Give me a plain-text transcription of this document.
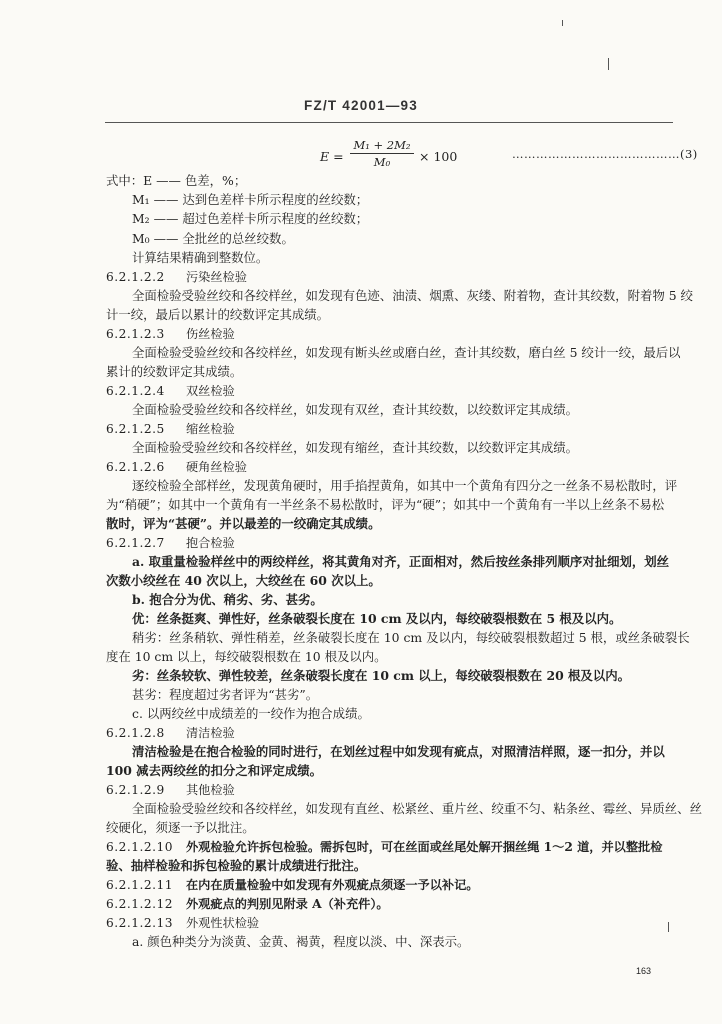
FZ/T 42001—93
E =
M₁ + 2M₂
M₀	× 100	……………………………………(3)
式中：E —— 色差，%；
M₁ —— 达到色差样卡所示程度的丝绞数；
M₂ —— 超过色差样卡所示程度的丝绞数；
M₀ —— 全批丝的总丝绞数。
计算结果精确到整数位。
6.2.1.2.2 污染丝检验
全面检验受验丝绞和各绞样丝，如发现有色迹、油渍、烟熏、灰缕、附着物，查计其绞数，附着物 5 绞
计一绞，最后以累计的绞数评定其成绩。
6.2.1.2.3 伤丝检验
全面检验受验丝绞和各绞样丝，如发现有断头丝或磨白丝，查计其绞数，磨白丝 5 绞计一绞，最后以
累计的绞数评定其成绩。
6.2.1.2.4 双丝检验
全面检验受验丝绞和各绞样丝，如发现有双丝，查计其绞数，以绞数评定其成绩。
6.2.1.2.5 缩丝检验
全面检验受验丝绞和各绞样丝，如发现有缩丝，查计其绞数，以绞数评定其成绩。
6.2.1.2.6 硬角丝检验
逐绞检验全部样丝，发现黄角硬时，用手掐捏黄角，如其中一个黄角有四分之一丝条不易松散时，评
为“稍硬”；如其中一个黄角有一半丝条不易松散时，评为“硬”；如其中一个黄角有一半以上丝条不易松
散时，评为“甚硬”。并以最差的一绞确定其成绩。
6.2.1.2.7 抱合检验
a. 取重量检验样丝中的两绞样丝，将其黄角对齐，正面相对，然后按丝条排列顺序对扯细划，划丝
次数小绞丝在 40 次以上，大绞丝在 60 次以上。
b. 抱合分为优、稍劣、劣、甚劣。
优：丝条挺爽、弹性好，丝条破裂长度在 10 cm 及以内，每绞破裂根数在 5 根及以内。
稍劣：丝条稍软、弹性稍差，丝条破裂长度在 10 cm 及以内，每绞破裂根数超过 5 根，或丝条破裂长
度在 10 cm 以上，每绞破裂根数在 10 根及以内。
劣：丝条较软、弹性较差，丝条破裂长度在 10 cm 以上，每绞破裂根数在 20 根及以内。
甚劣：程度超过劣者评为“甚劣”。
c. 以两绞丝中成绩差的一绞作为抱合成绩。
6.2.1.2.8 清洁检验
清洁检验是在抱合检验的同时进行，在划丝过程中如发现有疵点，对照清洁样照，逐一扣分，并以
100 减去两绞丝的扣分之和评定成绩。
6.2.1.2.9 其他检验
全面检验受验丝绞和各绞样丝，如发现有直丝、松紧丝、重片丝、绞重不匀、粘条丝、霉丝、异质丝、丝
绞硬化，须逐一予以批注。
6.2.1.2.10 外观检验允许拆包检验。需拆包时，可在丝面或丝尾处解开捆丝绳 1～2 道，并以整批检
验、抽样检验和拆包检验的累计成绩进行批注。
6.2.1.2.11 在内在质量检验中如发现有外观疵点须逐一予以补记。
6.2.1.2.12 外观疵点的判别见附录 A（补充件）。
6.2.1.2.13 外观性状检验
a. 颜色种类分为淡黄、金黄、褐黄，程度以淡、中、深表示。
163
